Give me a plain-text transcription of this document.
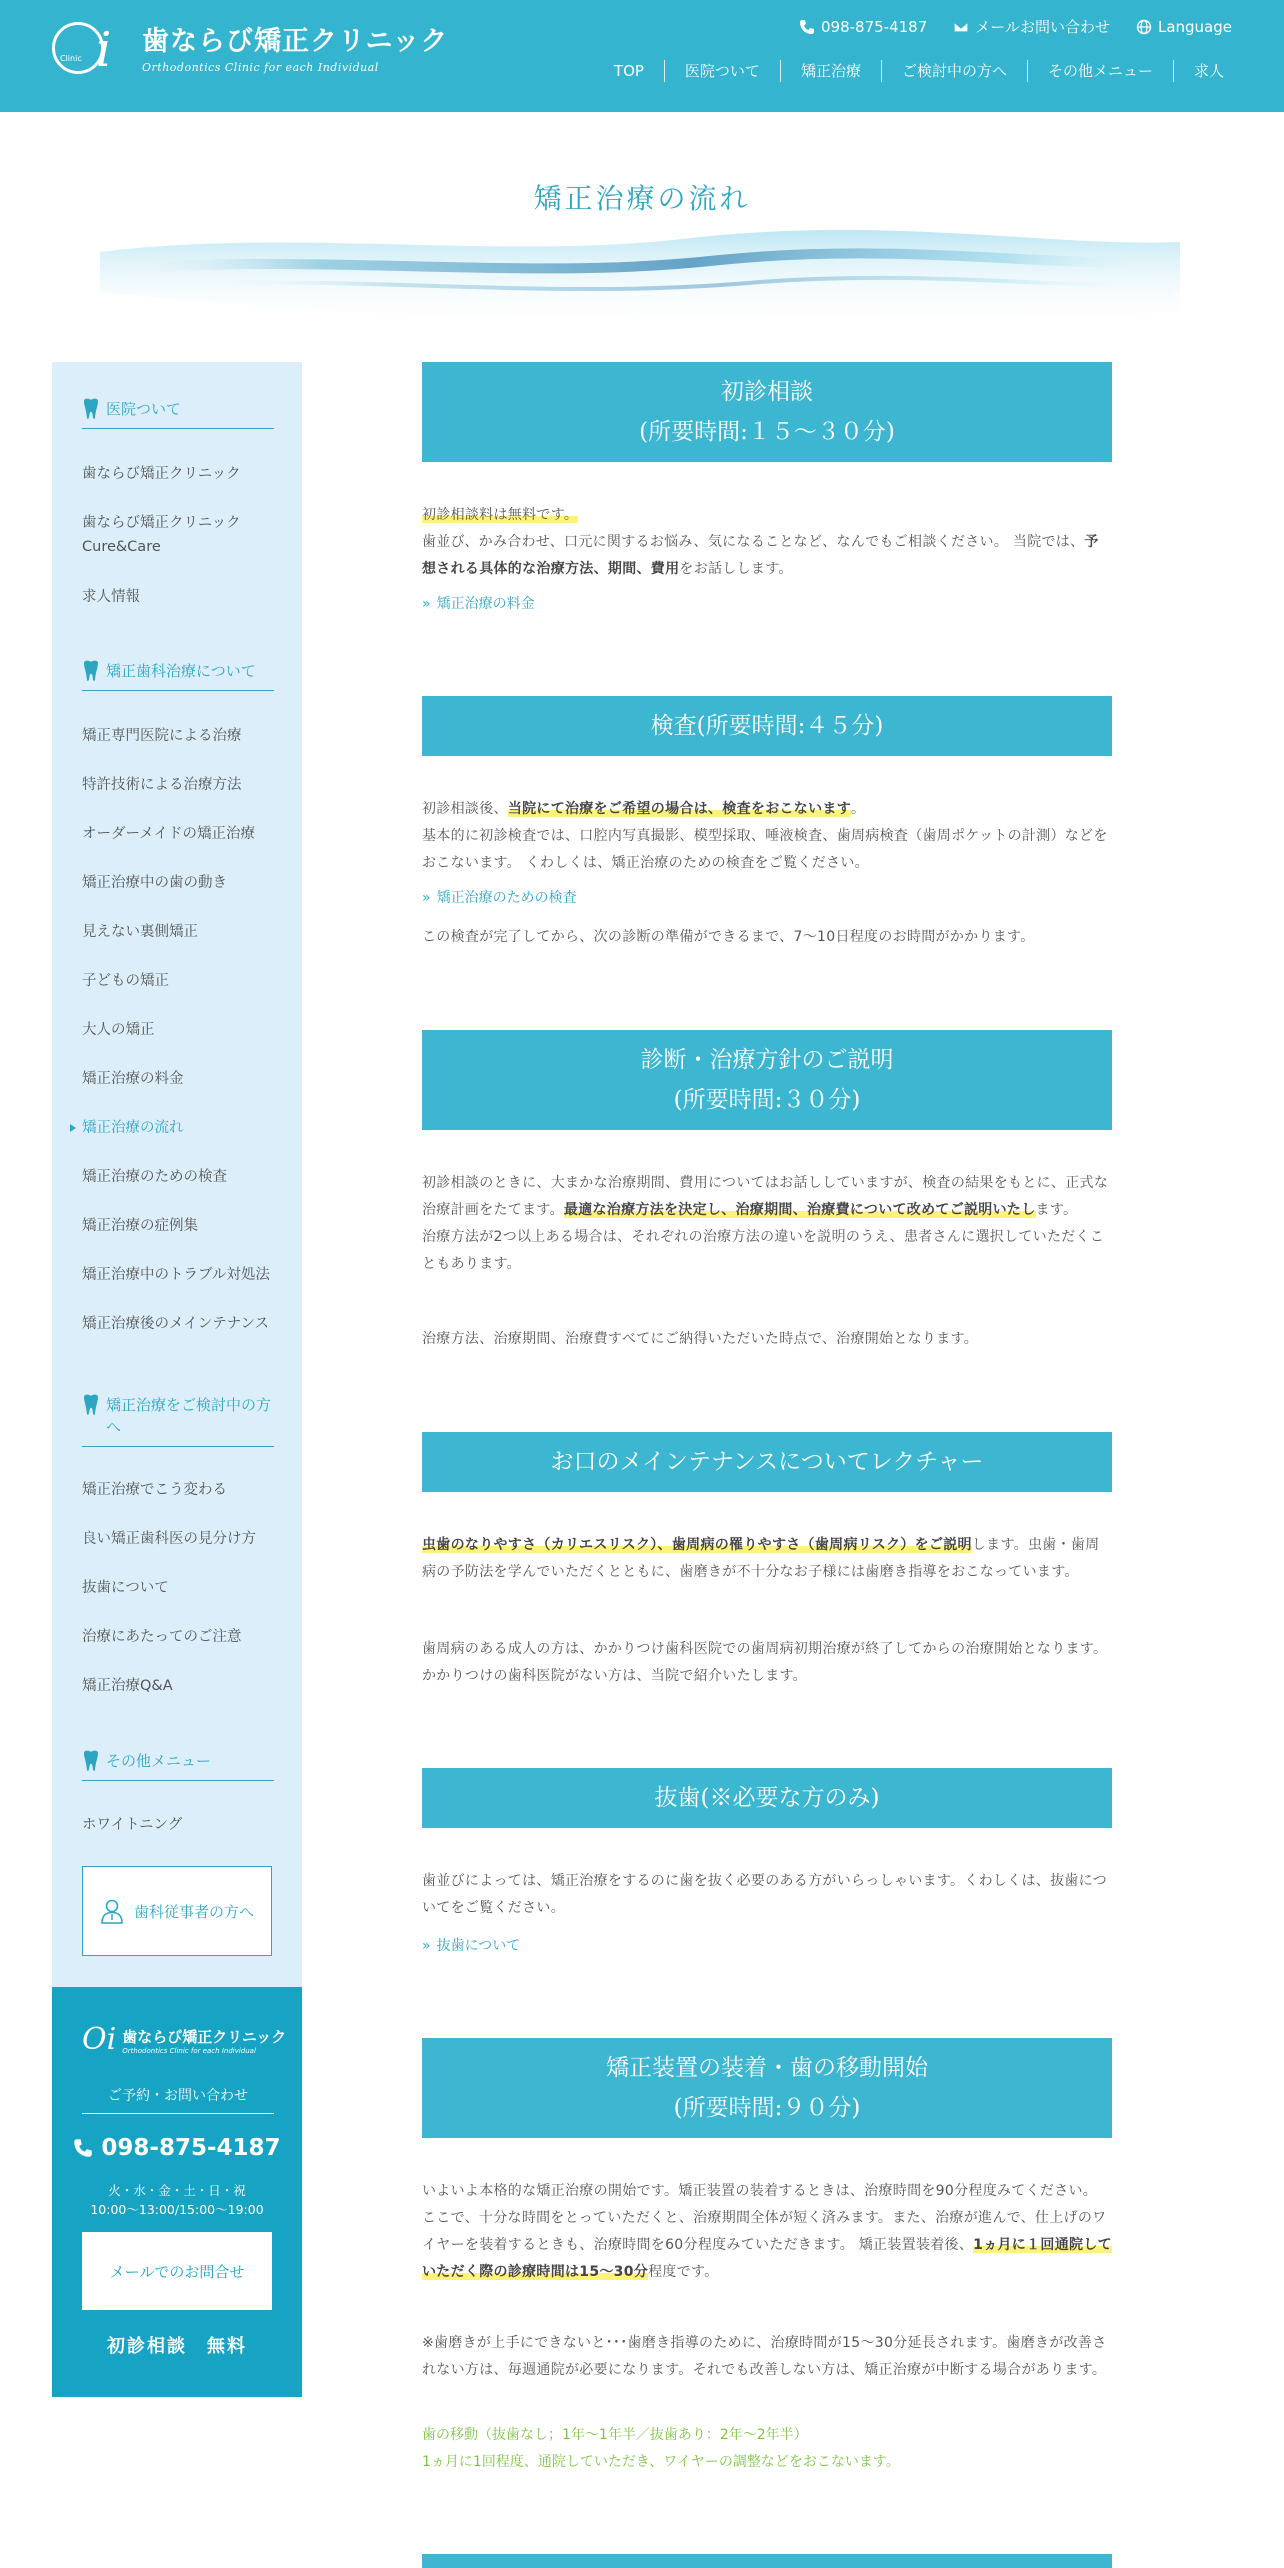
i
Clinic
歯ならび矯正クリニック
Orthodontics Clinic for each Individual
098-875-4187	メールお問い合わせ	Language
TOP	医院ついて	矯正治療	ご検討中の方へ	その他メニュー	求人
矯正治療の流れ
医院ついて
歯ならび矯正クリニック
歯ならび矯正クリニック
Cure&Care
求人情報
矯正歯科治療について
矯正専門医院による治療
特許技術による治療方法
オーダーメイドの矯正治療
矯正治療中の歯の動き
見えない裏側矯正
子どもの矯正
大人の矯正
矯正治療の料金
矯正治療の流れ
矯正治療のための検査
矯正治療の症例集
矯正治療中のトラブル対処法
矯正治療後のメインテナンス
矯正治療をご検討中の方へ
矯正治療でこう変わる
良い矯正歯科医の見分け方
抜歯について
治療にあたってのご注意
矯正治療Q&A
その他メニュー
ホワイトニング
歯科従事者の方へ
Oi 歯ならび矯正クリニック
Orthodontics Clinic for each Individual
ご予約・お問い合わせ
098-875-4187
火・水・金・土・日・祝
10:00～13:00/15:00～19:00
メールでのお問合せ
初診相談　無料
初診相談
(所要時間:１５～３０分)
初診相談料は無料です。
歯並び、かみ合わせ、口元に関するお悩み、気になることなど、なんでもご相談ください。 当院では、予想される具体的な治療方法、期間、費用をお話しします。
» 矯正治療の料金
検査(所要時間:４５分)
初診相談後、当院にて治療をご希望の場合は、検査をおこないます。
基本的に初診検査では、口腔内写真撮影、模型採取、唾液検査、歯周病検査（歯周ポケットの計測）などをおこないます。 くわしくは、矯正治療のための検査をご覧ください。
» 矯正治療のための検査
この検査が完了してから、次の診断の準備ができるまで、7～10日程度のお時間がかかります。
診断・治療方針のご説明
(所要時間:３０分)
初診相談のときに、大まかな治療期間、費用についてはお話ししていますが、検査の結果をもとに、正式な治療計画をたてます。最適な治療方法を決定し、治療期間、治療費について改めてご説明いたします。
治療方法が2つ以上ある場合は、それぞれの治療方法の違いを説明のうえ、患者さんに選択していただくこともあります。
治療方法、治療期間、治療費すべてにご納得いただいた時点で、治療開始となります。
お口のメインテナンスについてレクチャー
虫歯のなりやすさ（カリエスリスク）、歯周病の罹りやすさ（歯周病リスク）をご説明します。虫歯・歯周病の予防法を学んでいただくとともに、歯磨きが不十分なお子様には歯磨き指導をおこなっています。
歯周病のある成人の方は、かかりつけ歯科医院での歯周病初期治療が終了してからの治療開始となります。かかりつけの歯科医院がない方は、当院で紹介いたします。
抜歯(※必要な方のみ)
歯並びによっては、矯正治療をするのに歯を抜く必要のある方がいらっしゃいます。くわしくは、抜歯についてをご覧ください。
» 抜歯について
矯正装置の装着・歯の移動開始
(所要時間:９０分)
いよいよ本格的な矯正治療の開始です。矯正装置の装着するときは、治療時間を90分程度みてください。
ここで、十分な時間をとっていただくと、治療期間全体が短く済みます。また、治療が進んで、仕上げのワイヤーを装着するときも、治療時間を60分程度みていただきます。 矯正装置装着後、1ヵ月に１回通院していただく際の診療時間は15～30分程度です。
※歯磨きが上手にできないと･･･歯磨き指導のために、治療時間が15～30分延長されます。歯磨きが改善されない方は、毎週通院が必要になります。それでも改善しない方は、矯正治療が中断する場合があります。
歯の移動（抜歯なし；1年～1年半／抜歯あり：2年～2年半）
1ヵ月に1回程度、通院していただき、ワイヤーの調整などをおこないます。
